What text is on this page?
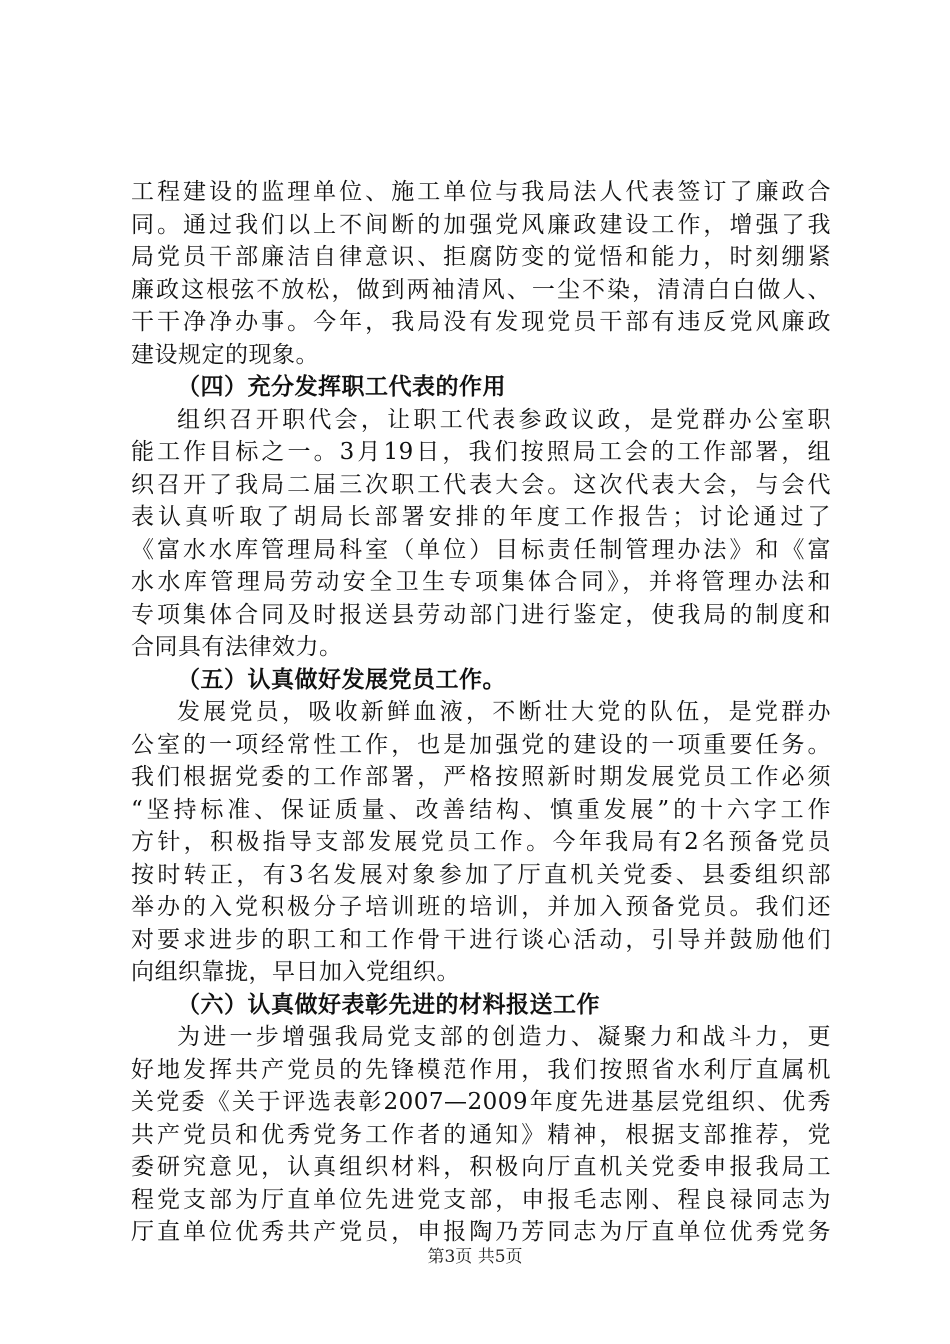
工程建设的监理单位、施工单位与我局法人代表签订了廉政合
同。通过我们以上不间断的加强党风廉政建设工作，增强了我
局党员干部廉洁自律意识、拒腐防变的觉悟和能力，时刻绷紧
廉政这根弦不放松，做到两袖清风、一尘不染，清清白白做人、
干干净净办事。今年，我局没有发现党员干部有违反党风廉政
建设规定的现象。
（四）充分发挥职工代表的作用
组织召开职代会，让职工代表参政议政，是党群办公室职
能工作目标之一。3月19日，我们按照局工会的工作部署，组
织召开了我局二届三次职工代表大会。这次代表大会，与会代
表认真听取了胡局长部署安排的年度工作报告；讨论通过了
《富水水库管理局科室（单位）目标责任制管理办法》和《富
水水库管理局劳动安全卫生专项集体合同》，并将管理办法和
专项集体合同及时报送县劳动部门进行鉴定，使我局的制度和
合同具有法律效力。
（五）认真做好发展党员工作。
发展党员，吸收新鲜血液，不断壮大党的队伍，是党群办
公室的一项经常性工作，也是加强党的建设的一项重要任务。
我们根据党委的工作部署，严格按照新时期发展党员工作必须
“坚持标准、保证质量、改善结构、慎重发展”的十六字工作
方针，积极指导支部发展党员工作。今年我局有2名预备党员
按时转正，有3名发展对象参加了厅直机关党委、县委组织部
举办的入党积极分子培训班的培训，并加入预备党员。我们还
对要求进步的职工和工作骨干进行谈心活动，引导并鼓励他们
向组织靠拢，早日加入党组织。
（六）认真做好表彰先进的材料报送工作
为进一步增强我局党支部的创造力、凝聚力和战斗力，更
好地发挥共产党员的先锋模范作用，我们按照省水利厅直属机
关党委《关于评选表彰2007—2009年度先进基层党组织、优秀
共产党员和优秀党务工作者的通知》精神，根据支部推荐，党
委研究意见，认真组织材料，积极向厅直机关党委申报我局工
程党支部为厅直单位先进党支部，申报毛志刚、程良禄同志为
厅直单位优秀共产党员，申报陶乃芳同志为厅直单位优秀党务
第3页 共5页
